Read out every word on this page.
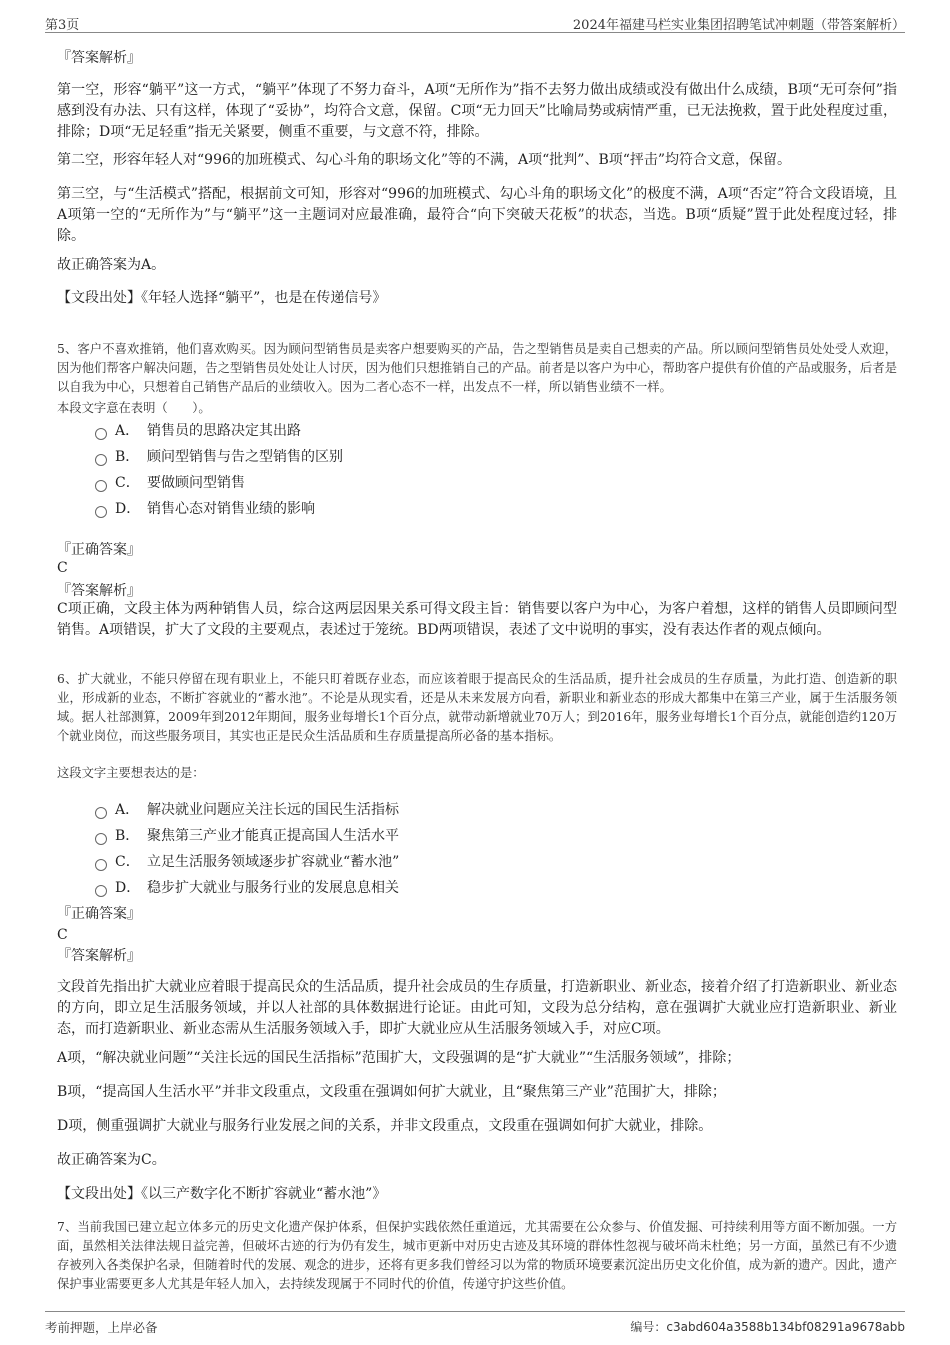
第3页	2024年福建马栏实业集团招聘笔试冲刺题（带答案解析）
『答案解析』

第一空，形容“躺平”这一方式，“躺平”体现了不努力奋斗，A项“无所作为”指不去努力做出成绩或没有做出什么成绩，B项“无可奈何”指感到没有办法、只有这样，体现了“妥协”，均符合文意，保留。C项“无力回天”比喻局势或病情严重，已无法挽救，置于此处程度过重，排除；D项“无足轻重”指无关紧要，侧重不重要，与文意不符，排除。

第二空，形容年轻人对“996的加班模式、勾心斗角的职场文化”等的不满，A项“批判”、B项“抨击”均符合文意，保留。

第三空，与“生活模式”搭配，根据前文可知，形容对“996的加班模式、勾心斗角的职场文化”的极度不满，A项“否定”符合文段语境，且A项第一空的“无所作为”与“躺平”这一主题词对应最准确，最符合“向下突破天花板”的状态，当选。B项“质疑”置于此处程度过轻，排除。

故正确答案为A。

【文段出处】《年轻人选择“躺平”，也是在传递信号》

5、客户不喜欢推销，他们喜欢购买。因为顾问型销售员是卖客户想要购买的产品，告之型销售员是卖自己想卖的产品。所以顾问型销售员处处受人欢迎，因为他们帮客户解决问题，告之型销售员处处让人讨厌，因为他们只想推销自己的产品。前者是以客户为中心，帮助客户提供有价值的产品或服务，后者是以自我为中心，只想着自己销售产品后的业绩收入。因为二者心态不一样，出发点不一样，所以销售业绩不一样。

本段文字意在表明（　　）。

A． 销售员的思路决定其出路
B． 顾问型销售与告之型销售的区别
C． 要做顾问型销售
D． 销售心态对销售业绩的影响
『正确答案』
C
『答案解析』

C项正确，文段主体为两种销售人员，综合这两层因果关系可得文段主旨：销售要以客户为中心，为客户着想，这样的销售人员即顾问型销售。A项错误，扩大了文段的主要观点，表述过于笼统。BD两项错误，表述了文中说明的事实，没有表达作者的观点倾向。

6、扩大就业，不能只停留在现有职业上，不能只盯着既存业态，而应该着眼于提高民众的生活品质，提升社会成员的生存质量，为此打造、创造新的职业，形成新的业态，不断扩容就业的“蓄水池”。不论是从现实看，还是从未来发展方向看，新职业和新业态的形成大都集中在第三产业，属于生活服务领域。据人社部测算，2009年到2012年期间，服务业每增长1个百分点，就带动新增就业70万人；到2016年，服务业每增长1个百分点，就能创造约120万个就业岗位，而这些服务项目，其实也正是民众生活品质和生存质量提高所必备的基本指标。

这段文字主要想表达的是：

A． 解决就业问题应关注长远的国民生活指标
B． 聚焦第三产业才能真正提高国人生活水平
C． 立足生活服务领域逐步扩容就业“蓄水池”
D． 稳步扩大就业与服务行业的发展息息相关
『正确答案』
C
『答案解析』

文段首先指出扩大就业应着眼于提高民众的生活品质，提升社会成员的生存质量，打造新职业、新业态，接着介绍了打造新职业、新业态的方向，即立足生活服务领域，并以人社部的具体数据进行论证。由此可知，文段为总分结构，意在强调扩大就业应打造新职业、新业态，而打造新职业、新业态需从生活服务领域入手，即扩大就业应从生活服务领域入手，对应C项。

A项，“解决就业问题”“关注长远的国民生活指标”范围扩大，文段强调的是“扩大就业”“生活服务领域”，排除；

B项，“提高国人生活水平”并非文段重点，文段重在强调如何扩大就业，且“聚焦第三产业”范围扩大，排除；

D项，侧重强调扩大就业与服务行业发展之间的关系，并非文段重点，文段重在强调如何扩大就业，排除。

故正确答案为C。

【文段出处】《以三产数字化不断扩容就业“蓄水池”》

7、当前我国已建立起立体多元的历史文化遗产保护体系，但保护实践依然任重道远，尤其需要在公众参与、价值发掘、可持续利用等方面不断加强。一方面，虽然相关法律法规日益完善，但破坏古迹的行为仍有发生，城市更新中对历史古迹及其环境的群体性忽视与破坏尚未杜绝；另一方面，虽然已有不少遗存被列入各类保护名录，但随着时代的发展、观念的进步，还将有更多我们曾经习以为常的物质环境要素沉淀出历史文化价值，成为新的遗产。因此，遗产保护事业需要更多人尤其是年轻人加入，去持续发现属于不同时代的价值，传递守护这些价值。

考前押题，上岸必备	编号：c3abd604a3588b134bf08291a9678abb
